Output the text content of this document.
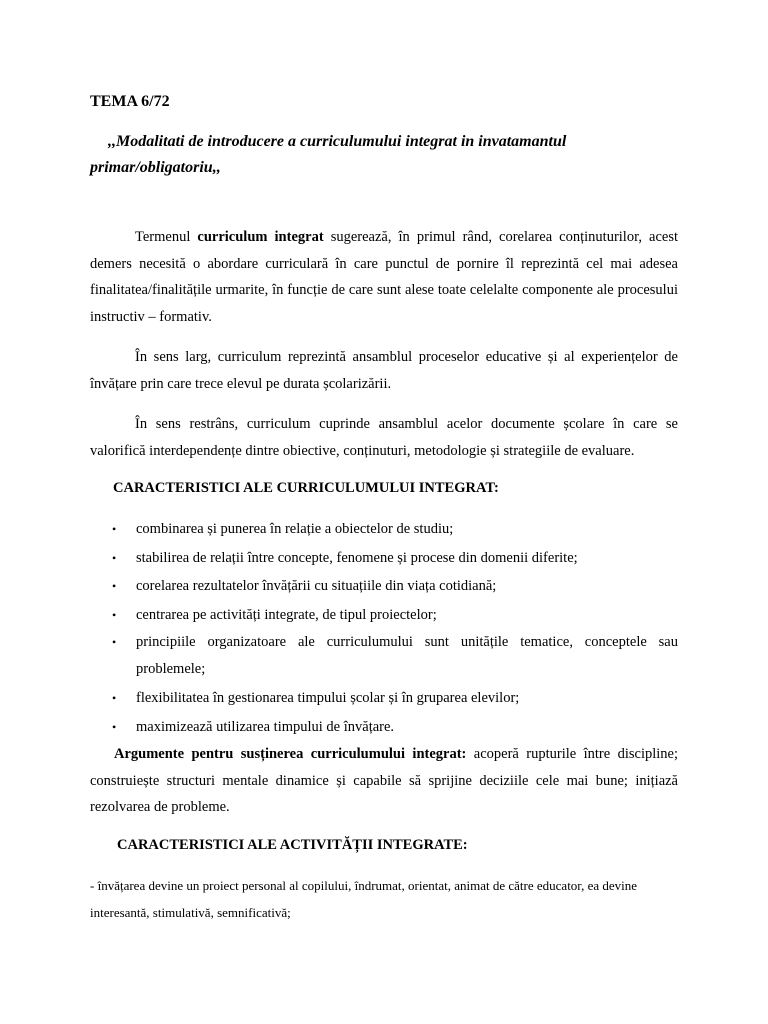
TEMA 6/72

,,Modalitati de introducere a curriculumului integrat in invatamantul
primar/obligatoriu,,

Termenul curriculum integrat sugerează, în primul rând, corelarea conținuturilor, acest demers necesită o abordare curriculară în care punctul de pornire îl reprezintă cel mai adesea finalitatea/finalitățile urmarite, în funcție de care sunt alese toate celelalte componente ale procesului instructiv – formativ.

În sens larg, curriculum reprezintă ansamblul proceselor educative și al experiențelor de învățare prin care trece elevul pe durata școlarizării.

În sens restrâns, curriculum cuprinde ansamblul acelor documente școlare în care se valorifică interdependențe dintre obiective, conținuturi, metodologie și strategiile de evaluare.

CARACTERISTICI ALE CURRICULUMULUI INTEGRAT:
• combinarea și punerea în relație a obiectelor de studiu;
• stabilirea de relații între concepte, fenomene și procese din domenii diferite;
• corelarea rezultatelor învățării cu situațiile din viața cotidiană;
• centrarea pe activități integrate, de tipul proiectelor;
• principiile organizatoare ale curriculumului sunt unitățile tematice, conceptele sau problemele;
• flexibilitatea în gestionarea timpului școlar și în gruparea elevilor;
• maximizează utilizarea timpului de învățare.

Argumente pentru susținerea curriculumului integrat: acoperă rupturile între discipline; construiește structuri mentale dinamice și capabile să sprijine deciziile cele mai bune; inițiază rezolvarea de probleme.

CARACTERISTICI ALE ACTIVITĂȚII INTEGRATE:

- învățarea devine un proiect personal al copilului, îndrumat, orientat, animat de către educator, ea devine interesantă, stimulativă, semnificativă;
